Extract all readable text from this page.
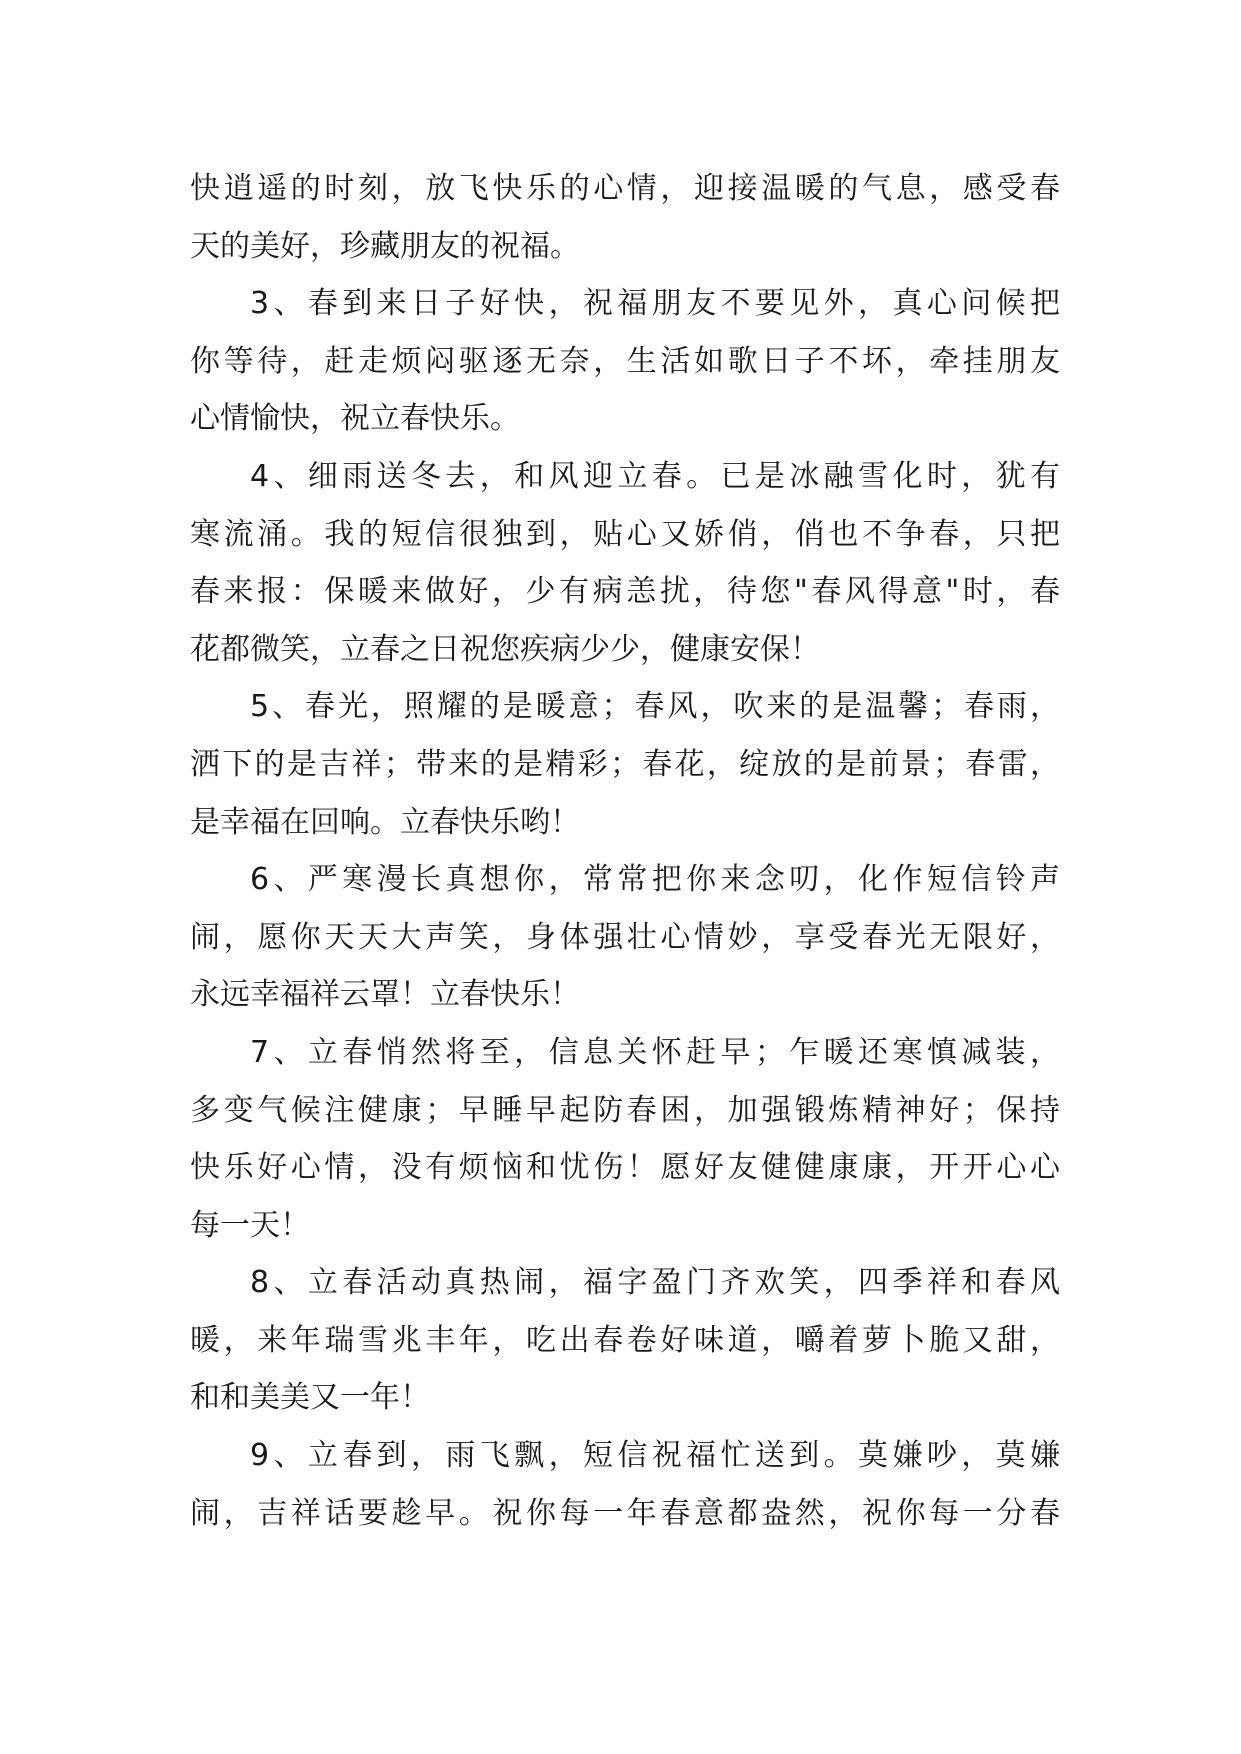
快逍遥的时刻，放飞快乐的心情，迎接温暖的气息，感受春
天的美好，珍藏朋友的祝福。
3、春到来日子好快，祝福朋友不要见外，真心问候把
你等待，赶走烦闷驱逐无奈，生活如歌日子不坏，牵挂朋友
心情愉快，祝立春快乐。
4、细雨送冬去，和风迎立春。已是冰融雪化时，犹有
寒流涌。我的短信很独到，贴心又娇俏，俏也不争春，只把
春来报：保暖来做好，少有病恙扰，待您"春风得意"时，春
花都微笑，立春之日祝您疾病少少，健康安保！
5、春光，照耀的是暖意；春风，吹来的是温馨；春雨，
洒下的是吉祥；带来的是精彩；春花，绽放的是前景；春雷，
是幸福在回响。立春快乐哟！
6、严寒漫长真想你，常常把你来念叨，化作短信铃声
闹，愿你天天大声笑，身体强壮心情妙，享受春光无限好，
永远幸福祥云罩！立春快乐！
7、立春悄然将至，信息关怀赶早；乍暖还寒慎减装，
多变气候注健康；早睡早起防春困，加强锻炼精神好；保持
快乐好心情，没有烦恼和忧伤！愿好友健健康康，开开心心
每一天！
8、立春活动真热闹，福字盈门齐欢笑，四季祥和春风
暖，来年瑞雪兆丰年，吃出春卷好味道，嚼着萝卜脆又甜，
和和美美又一年！
9、立春到，雨飞飘，短信祝福忙送到。莫嫌吵，莫嫌
闹，吉祥话要趁早。祝你每一年春意都盎然，祝你每一分春
